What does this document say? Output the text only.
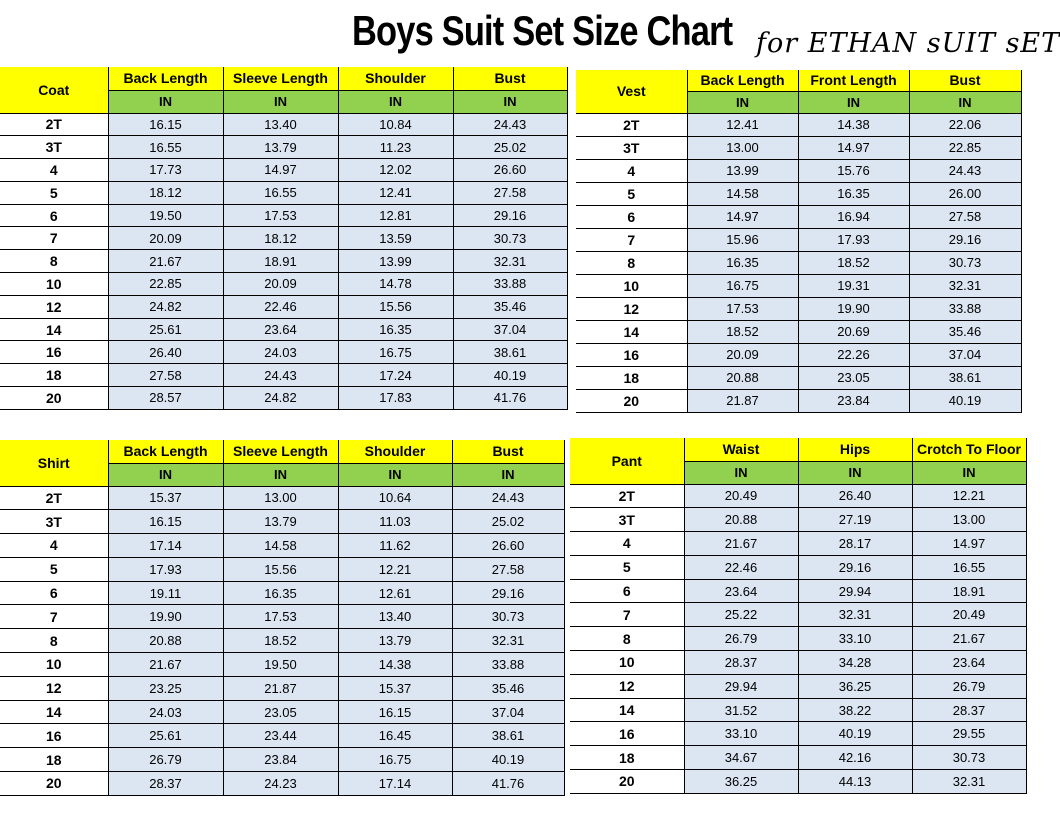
Boys Suit Set Size Chart for ETHAN sUIT sET
Coat	Back Length	Sleeve Length	Shoulder	Bust
	IN	IN	IN	IN
2T	16.15	13.40	10.84	24.43
3T	16.55	13.79	11.23	25.02
4	17.73	14.97	12.02	26.60
5	18.12	16.55	12.41	27.58
6	19.50	17.53	12.81	29.16
7	20.09	18.12	13.59	30.73
8	21.67	18.91	13.99	32.31
10	22.85	20.09	14.78	33.88
12	24.82	22.46	15.56	35.46
14	25.61	23.64	16.35	37.04
16	26.40	24.03	16.75	38.61
18	27.58	24.43	17.24	40.19
20	28.57	24.82	17.83	41.76
Vest	Back Length	Front Length	Bust
	IN	IN	IN
2T	12.41	14.38	22.06
3T	13.00	14.97	22.85
4	13.99	15.76	24.43
5	14.58	16.35	26.00
6	14.97	16.94	27.58
7	15.96	17.93	29.16
8	16.35	18.52	30.73
10	16.75	19.31	32.31
12	17.53	19.90	33.88
14	18.52	20.69	35.46
16	20.09	22.26	37.04
18	20.88	23.05	38.61
20	21.87	23.84	40.19
Shirt	Back Length	Sleeve Length	Shoulder	Bust
	IN	IN	IN	IN
2T	15.37	13.00	10.64	24.43
3T	16.15	13.79	11.03	25.02
4	17.14	14.58	11.62	26.60
5	17.93	15.56	12.21	27.58
6	19.11	16.35	12.61	29.16
7	19.90	17.53	13.40	30.73
8	20.88	18.52	13.79	32.31
10	21.67	19.50	14.38	33.88
12	23.25	21.87	15.37	35.46
14	24.03	23.05	16.15	37.04
16	25.61	23.44	16.45	38.61
18	26.79	23.84	16.75	40.19
20	28.37	24.23	17.14	41.76
Pant	Waist	Hips	Crotch To Floor
	IN	IN	IN
2T	20.49	26.40	12.21
3T	20.88	27.19	13.00
4	21.67	28.17	14.97
5	22.46	29.16	16.55
6	23.64	29.94	18.91
7	25.22	32.31	20.49
8	26.79	33.10	21.67
10	28.37	34.28	23.64
12	29.94	36.25	26.79
14	31.52	38.22	28.37
16	33.10	40.19	29.55
18	34.67	42.16	30.73
20	36.25	44.13	32.31
